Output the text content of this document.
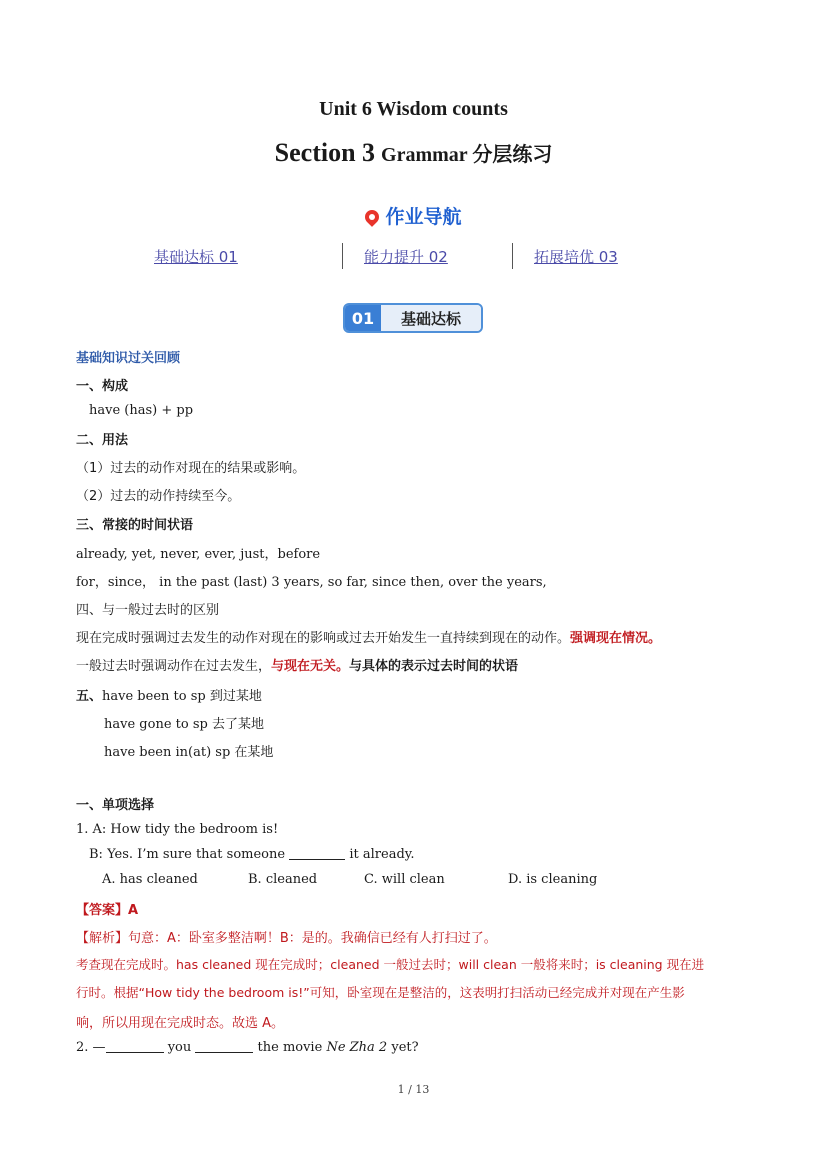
Unit 6 Wisdom counts
Section 3 Grammar 分层练习
作业导航
基础达标 01	能力提升 02	拓展培优 03
01	基础达标
基础知识过关回顾
一、构成
have (has) + pp
二、用法
（1）过去的动作对现在的结果或影响。
（2）过去的动作持续至今。
三、常接的时间状语
already, yet, never, ever, just，before
for，since， in the past (last) 3 years, so far, since then, over the years,
四、与一般过去时的区别
现在完成时强调过去发生的动作对现在的影响或过去开始发生一直持续到现在的动作。强调现在情况。
一般过去时强调动作在过去发生，与现在无关。与具体的表示过去时间的状语
五、have been to sp 到过某地
have gone to sp 去了某地
have been in(at) sp 在某地
一、单项选择
1. A: How tidy the bedroom is!
B: Yes. I’m sure that someone	it already.
A. has cleaned	B. cleaned	C. will clean	D. is cleaning
【答案】A
【解析】句意：A：卧室多整洁啊！B：是的。我确信已经有人打扫过了。
考查现在完成时。has cleaned 现在完成时；cleaned 一般过去时；will clean 一般将来时；is cleaning 现在进
行时。根据“How tidy the bedroom is!”可知，卧室现在是整洁的，这表明打扫活动已经完成并对现在产生影
响，所以用现在完成时态。故选 A。
2. —	you	the movie Ne Zha 2 yet?
1 / 13
